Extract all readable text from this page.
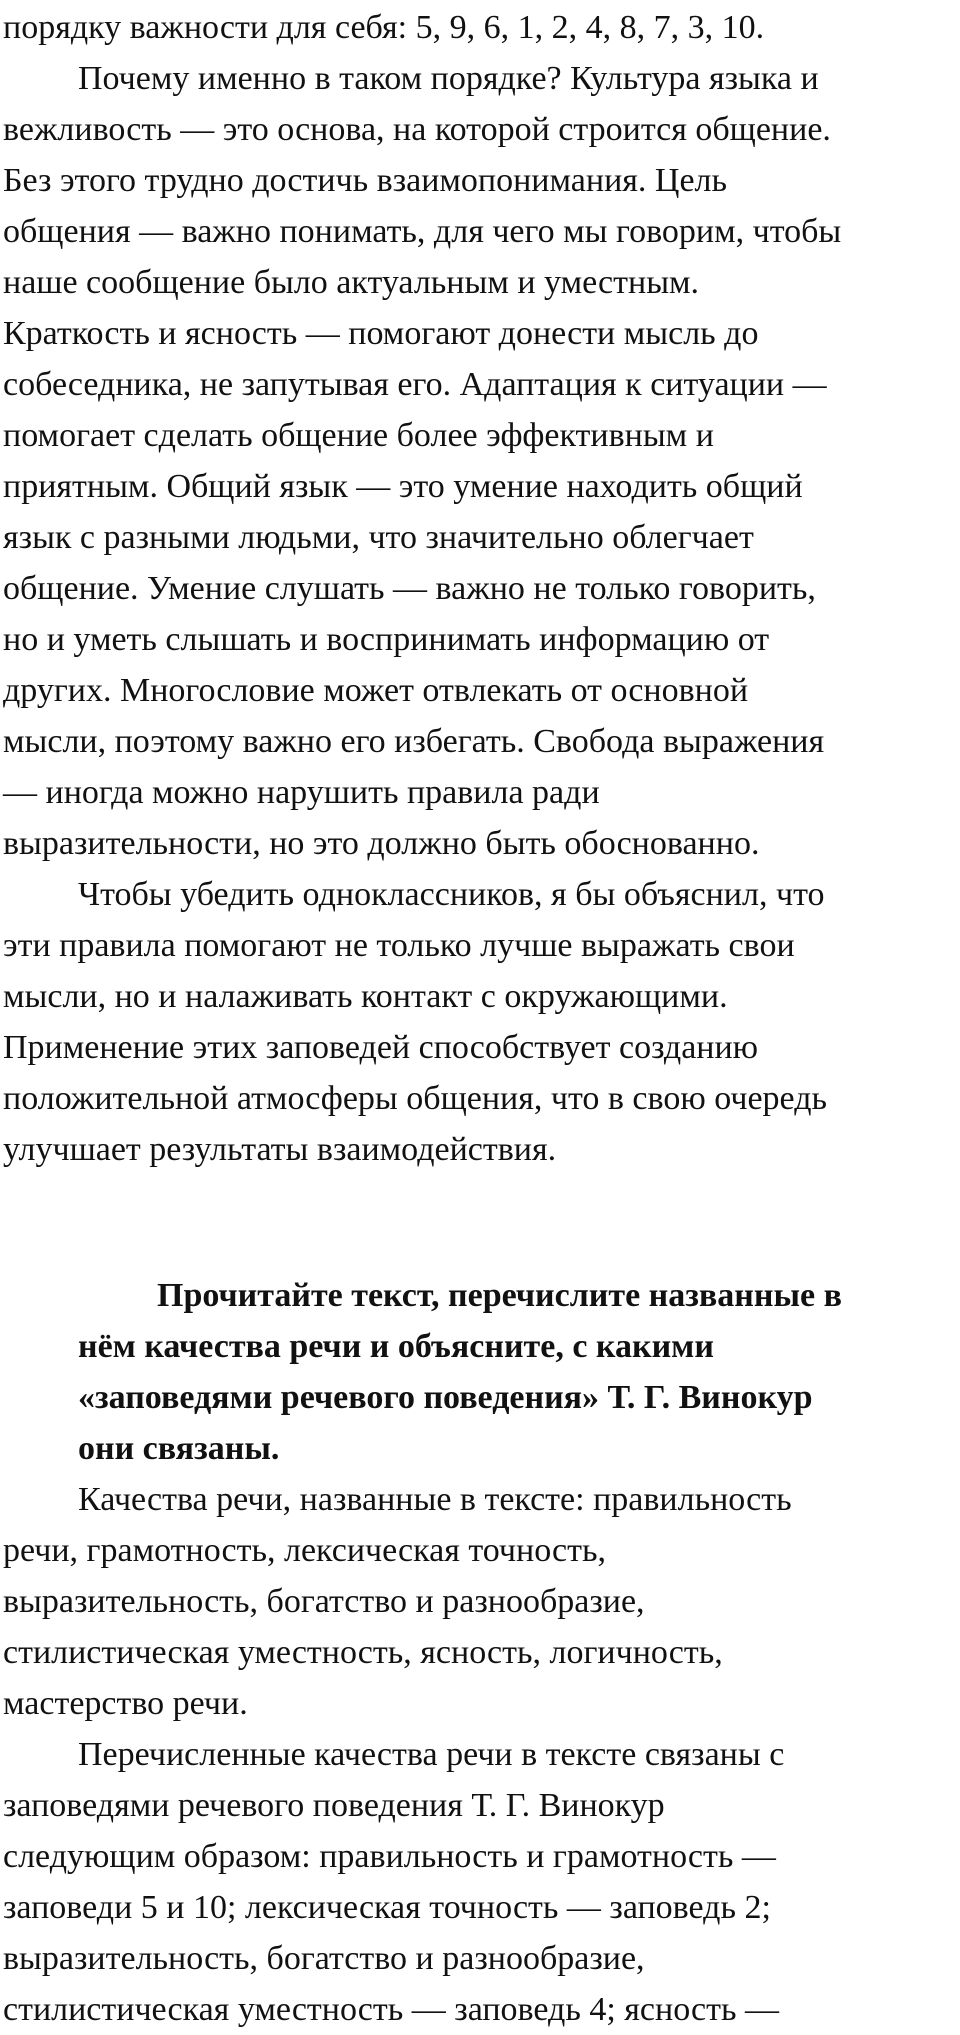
порядку важности для себя: 5, 9, 6, 1, 2, 4, 8, 7, 3, 10.
Почему именно в таком порядке? Культура языка и
вежливость — это основа, на которой строится общение.
Без этого трудно достичь взаимопонимания. Цель
общения — важно понимать, для чего мы говорим, чтобы
наше сообщение было актуальным и уместным.
Краткость и ясность — помогают донести мысль до
собеседника, не запутывая его. Адаптация к ситуации —
помогает сделать общение более эффективным и
приятным. Общий язык — это умение находить общий
язык с разными людьми, что значительно облегчает
общение. Умение слушать — важно не только говорить,
но и уметь слышать и воспринимать информацию от
других. Многословие может отвлекать от основной
мысли, поэтому важно его избегать. Свобода выражения
— иногда можно нарушить правила ради
выразительности, но это должно быть обоснованно.
Чтобы убедить одноклассников, я бы объяснил, что
эти правила помогают не только лучше выражать свои
мысли, но и налаживать контакт с окружающими.
Применение этих заповедей способствует созданию
положительной атмосферы общения, что в свою очередь
улучшает результаты взаимодействия.
Прочитайте текст, перечислите названные в
нём качества речи и объясните, с какими
«заповедями речевого поведения» Т. Г. Винокур
они связаны.
Качества речи, названные в тексте: правильность
речи, грамотность, лексическая точность,
выразительность, богатство и разнообразие,
стилистическая уместность, ясность, логичность,
мастерство речи.
Перечисленные качества речи в тексте связаны с
заповедями речевого поведения Т. Г. Винокур
следующим образом: правильность и грамотность —
заповеди 5 и 10; лексическая точность — заповедь 2;
выразительность, богатство и разнообразие,
стилистическая уместность — заповедь 4; ясность —
